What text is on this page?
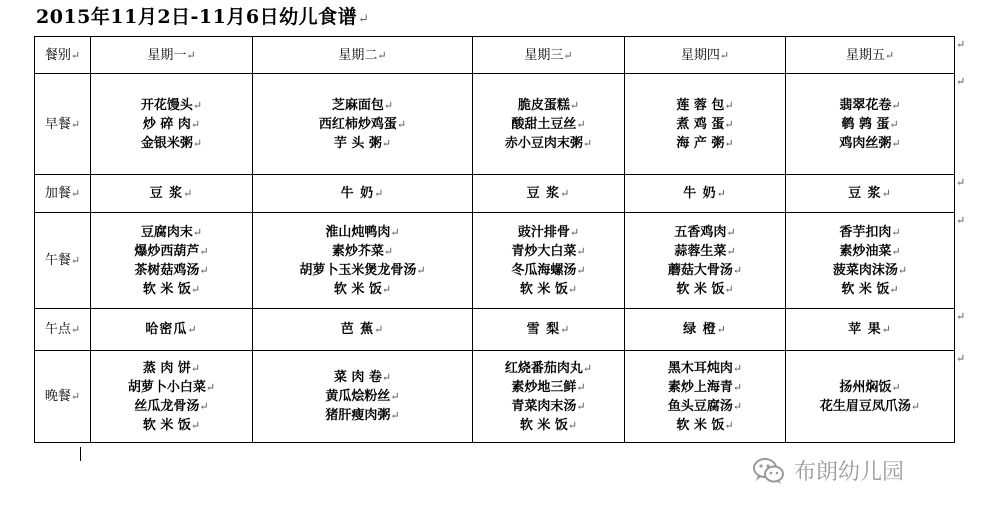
2015年11月2日-11月6日幼儿食谱↵
餐别↵	星期一↵	星期二↵	星期三↵	星期四↵	星期五↵
早餐↵	开花馒头↵
炒 碎 肉↵
金银米粥↵	芝麻面包↵
西红柿炒鸡蛋↵
芋 头 粥↵	脆皮蛋糕↵
酸甜土豆丝↵
赤小豆肉末粥↵	莲 蓉 包↵
煮 鸡 蛋↵
海 产 粥↵	翡翠花卷↵
鹌 鹑 蛋↵
鸡肉丝粥↵

加餐↵	豆 浆↵	牛 奶↵	豆 浆↵	牛 奶↵	豆 浆↵

午餐↵	豆腐肉末↵
爆炒西葫芦↵
茶树菇鸡汤↵
软 米 饭↵	淮山炖鸭肉↵
素炒芥菜↵
胡萝卜玉米煲龙骨汤↵
软 米 饭↵	豉汁排骨↵
青炒大白菜↵
冬瓜海螺汤↵
软 米 饭↵	五香鸡肉↵
蒜蓉生菜↵
蘑菇大骨汤↵
软 米 饭↵	香芋扣肉↵
素炒油菜↵
菠菜肉沫汤↵
软 米 饭↵

午点↵	哈密瓜↵	芭 蕉↵	雪 梨↵	绿 橙↵	苹 果↵

晚餐↵	蒸 肉 饼↵
胡萝卜小白菜↵
丝瓜龙骨汤↵
软 米 饭↵	菜 肉 卷↵
黄瓜烩粉丝↵
猪肝瘦肉粥↵	红烧番茄肉丸↵
素炒地三鲜↵
青菜肉末汤↵
软 米 饭↵	黑木耳炖肉↵
素炒上海青↵
鱼头豆腐汤↵
软 米 饭↵	扬州焖饭↵
花生眉豆凤爪汤↵
布朗幼儿园
↵
↵
↵
↵
↵
↵
